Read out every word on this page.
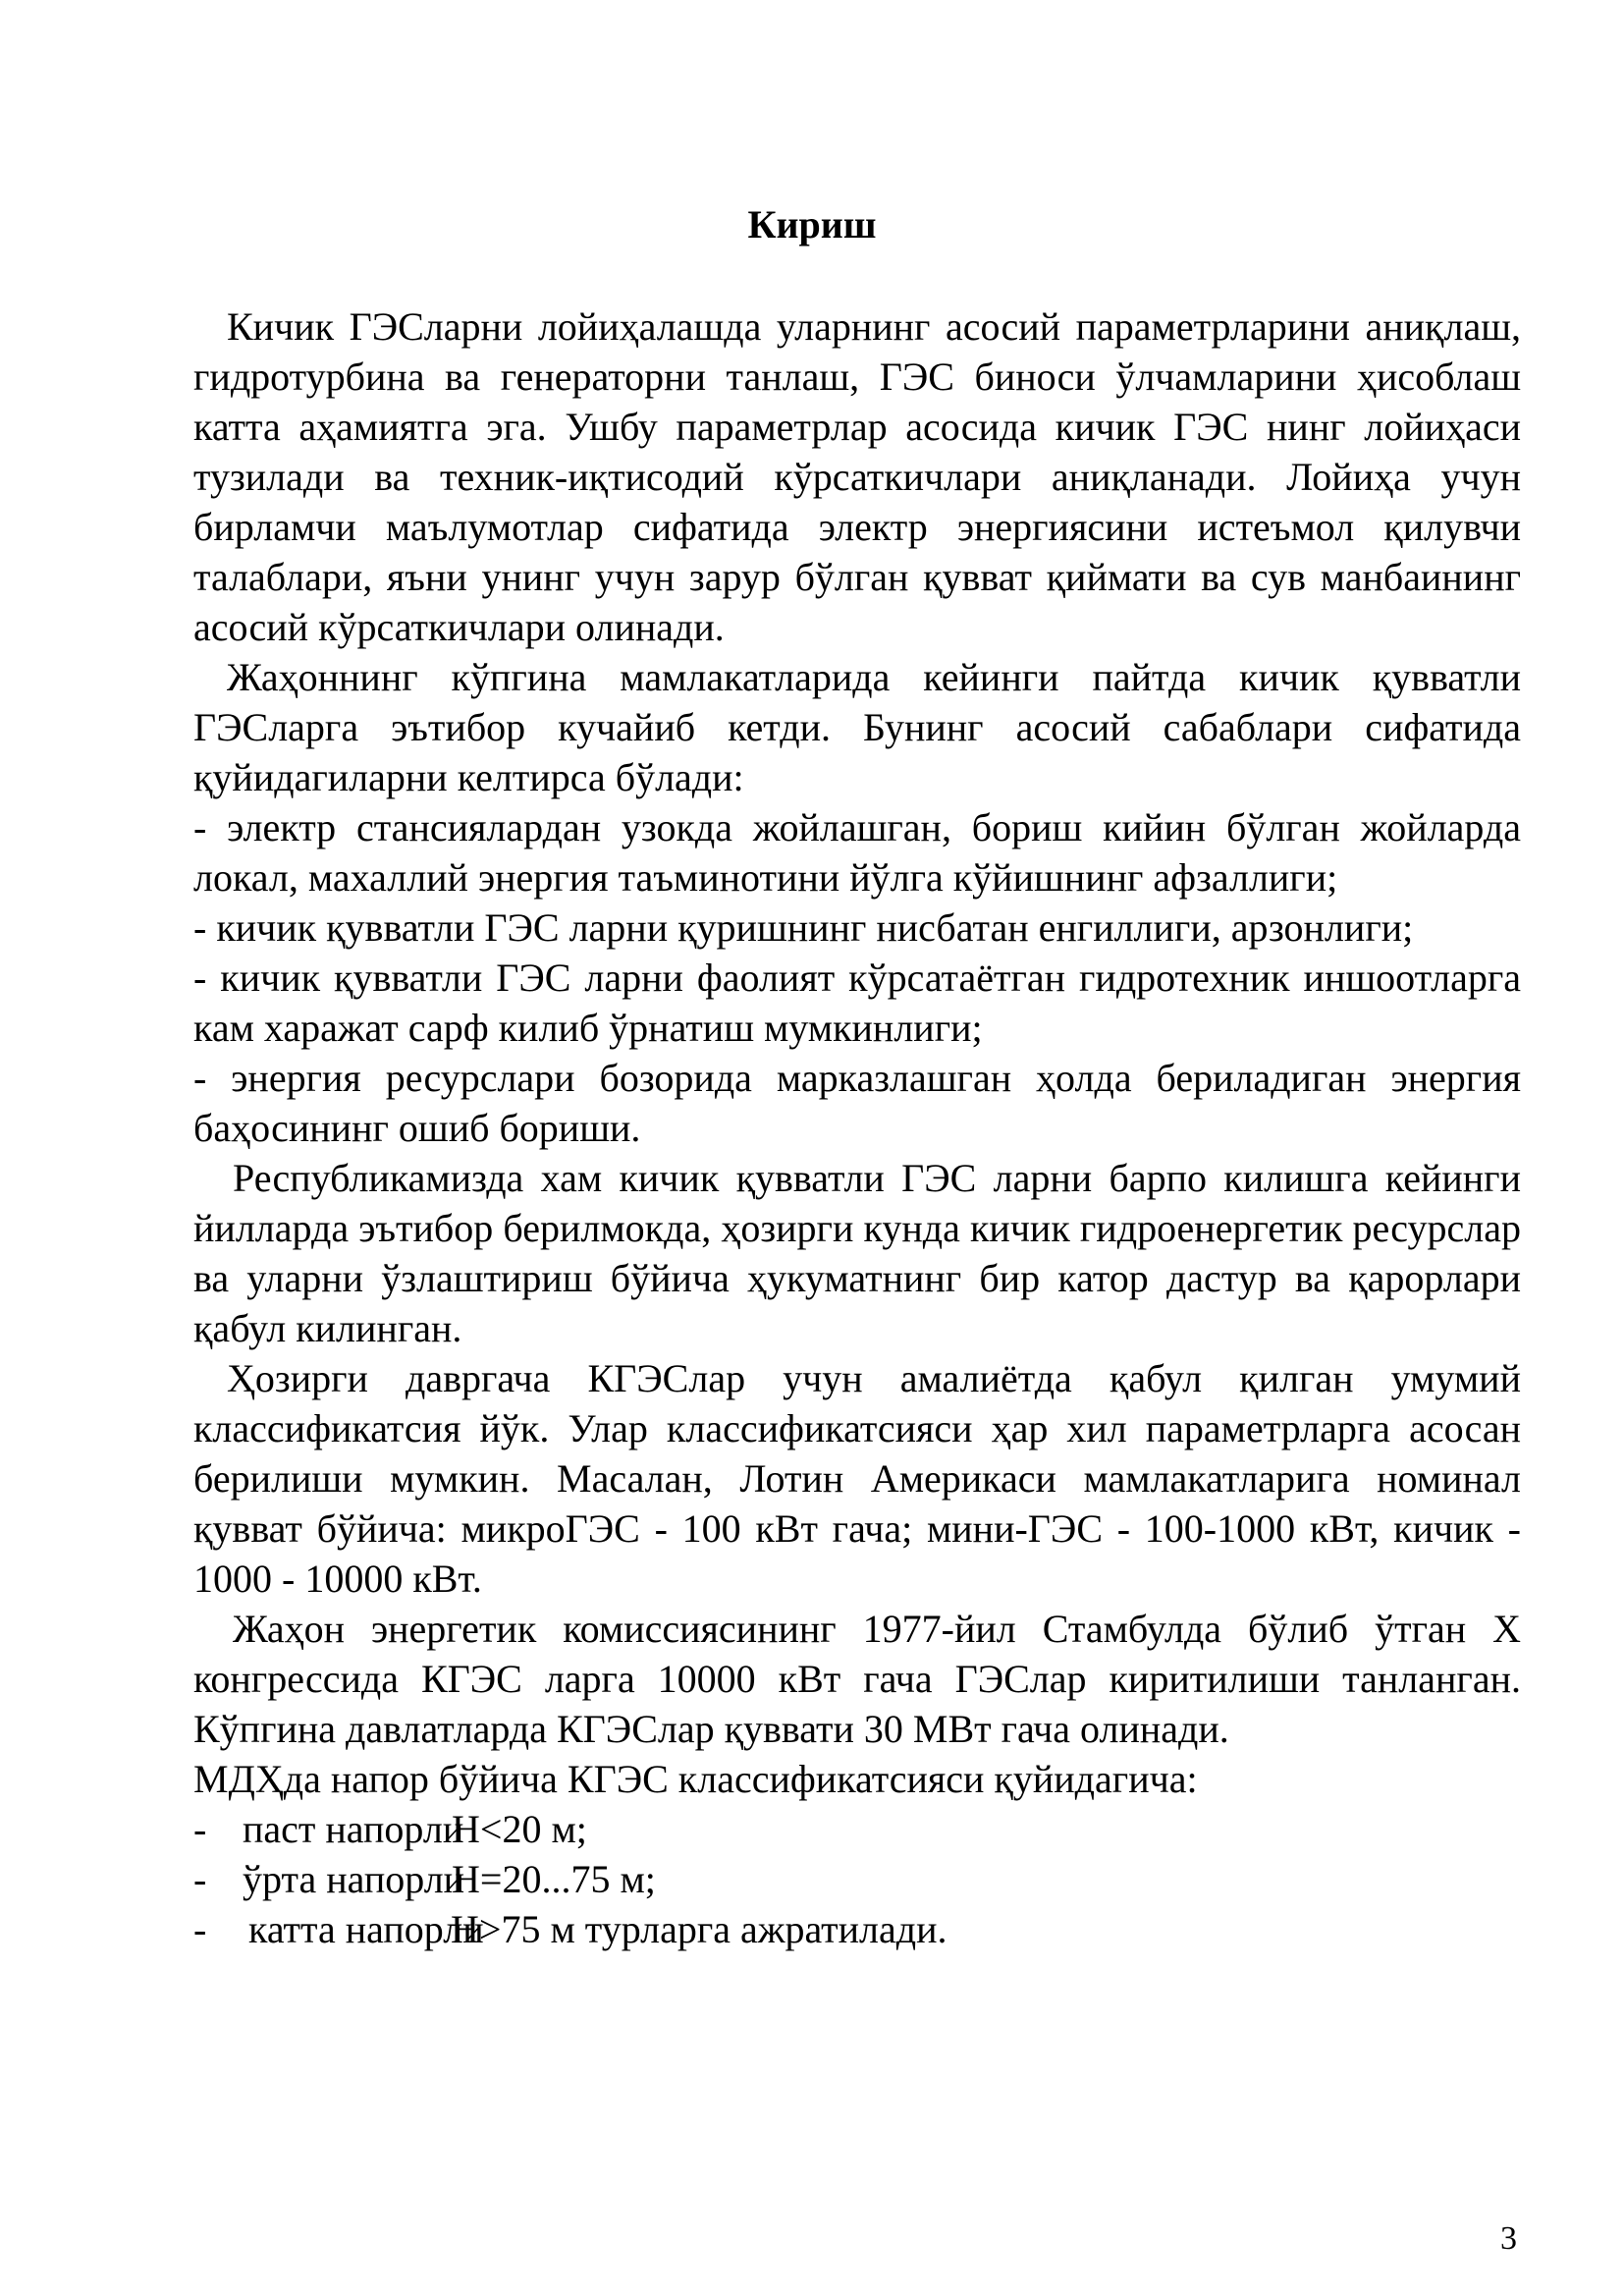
Кириш

Кичик ГЭСларни лойиҳалашда уларнинг асосий параметрларини аниқлаш, гидротурбина ва генераторни танлаш, ГЭС биноси ўлчамларини ҳисоблаш катта аҳамиятга эга. Ушбу параметрлар асосида кичик ГЭС нинг лойиҳаси тузилади ва техник-иқтисодий кўрсаткичлари аниқланади. Лойиҳа учун бирламчи маълумотлар сифатида электр энергиясини истеъмол қилувчи талаблари, яъни унинг учун зарур бўлган қувват қиймати ва сув манбаининг асосий кўрсаткичлари олинади.

Жаҳоннинг кўпгина мамлакатларида кейинги пайтда кичик қувватли ГЭСларга эътибор кучайиб кетди. Бунинг асосий сабаблари сифатида қуйидагиларни келтирса бўлади:

- электр стансиялардан узокда жойлашган, бориш кийин бўлган жойларда локал, махаллий энергия таъминотини йўлга кўйишнинг афзаллиги;

- кичик қувватли ГЭС ларни қуришнинг нисбатан енгиллиги, арзонлиги;

- кичик қувватли ГЭС ларни фаолият кўрсатаётган гидротехник иншоотларга кам харажат сарф килиб ўрнатиш мумкинлиги;

- энергия ресурслари бозорида марказлашган ҳолда бериладиган энергия баҳосининг ошиб бориши.

Республикамизда хам кичик қувватли ГЭС ларни барпо килишга кейинги йилларда эътибор берилмокда, ҳозирги кунда кичик гидроенергетик ресурслар ва уларни ўзлаштириш бўйича ҳукуматнинг бир катор дастур ва қарорлари қабул килинган.

Ҳозирги давргача КГЭСлар учун амалиётда қабул қилган умумий классификатсия йўк. Улар классификатсияси ҳар хил параметрларга асосан берилиши мумкин. Масалан, Лотин Америкаси мамлакатларига номинал қувват бўйича: микроГЭС - 100 кВт гача; мини-ГЭС - 100-1000 кВт, кичик - 1000 - 10000 кВт.

Жаҳон энергетик комиссиясининг 1977-йил Стамбулда бўлиб ўтган Х конгрессида КГЭС ларга 10000 кВт гача ГЭСлар киритилиши танланган. Кўпгина давлатларда КГЭСлар қуввати 30 МВт гача олинади.

МДҲда напор бўйича КГЭС классификатсияси қуйидагича:

- паст напорли
H<20 м;
- ўрта напорли
H=20...75 м;
-	катта напорли
H>75 м турларга ажратилади.
3
